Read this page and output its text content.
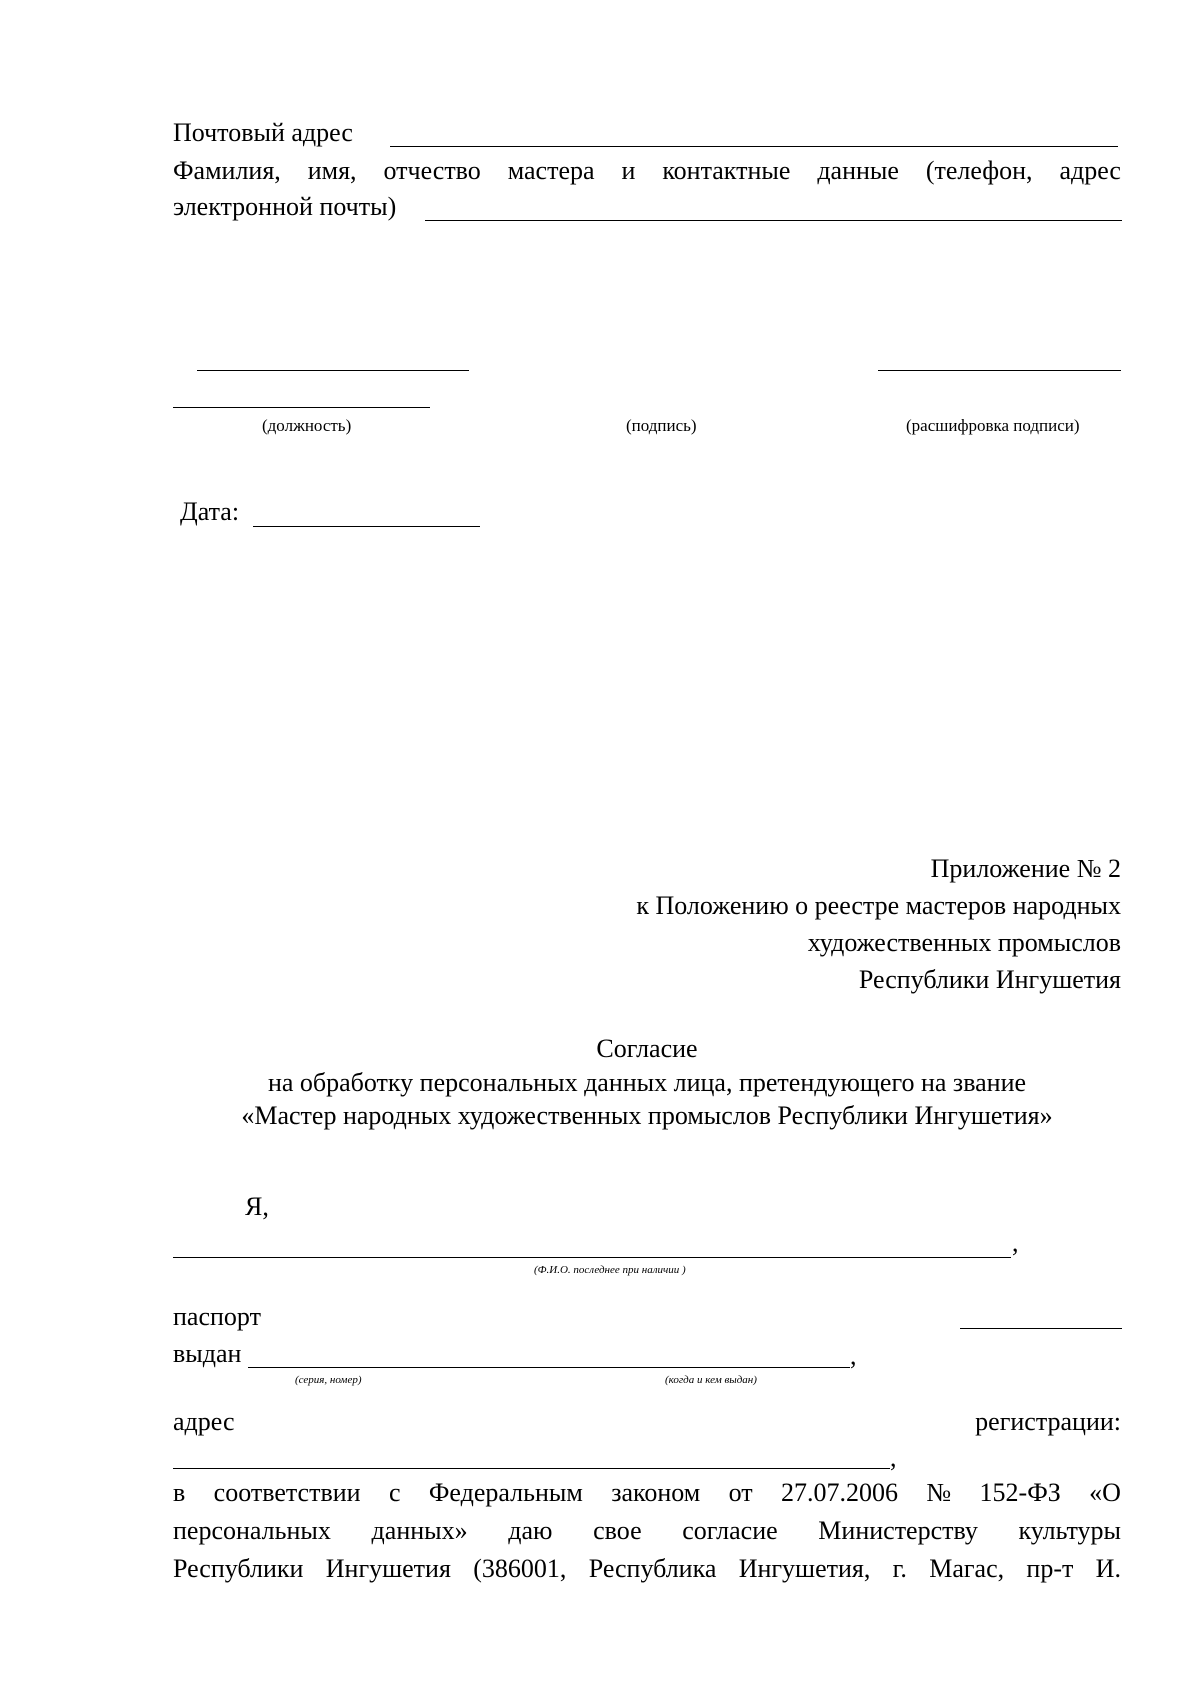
Почтовый адрес
Фамилия, имя, отчество мастера и контактные данные (телефон, адрес
электронной почты)
(должность)	(подпись)	(расшифровка подписи)
Дата:
Приложение № 2
к Положению о реестре мастеров народных
художественных промыслов
Республики Ингушетия
Согласие
на обработку персональных данных лица, претендующего на звание
«Мастер народных художественных промыслов Республики Ингушетия»
Я,
,
(Ф.И.О. последнее при наличии )
паспорт
выдан	,
(серия, номер)	(когда и кем выдан)
адрес	регистрации:
,
в соответствии с Федеральным законом от 27.07.2006 № 152-ФЗ «О
персональных данных» даю свое согласие Министерству культуры
Республики Ингушетия (386001, Республика Ингушетия, г. Магас, пр-т И.
